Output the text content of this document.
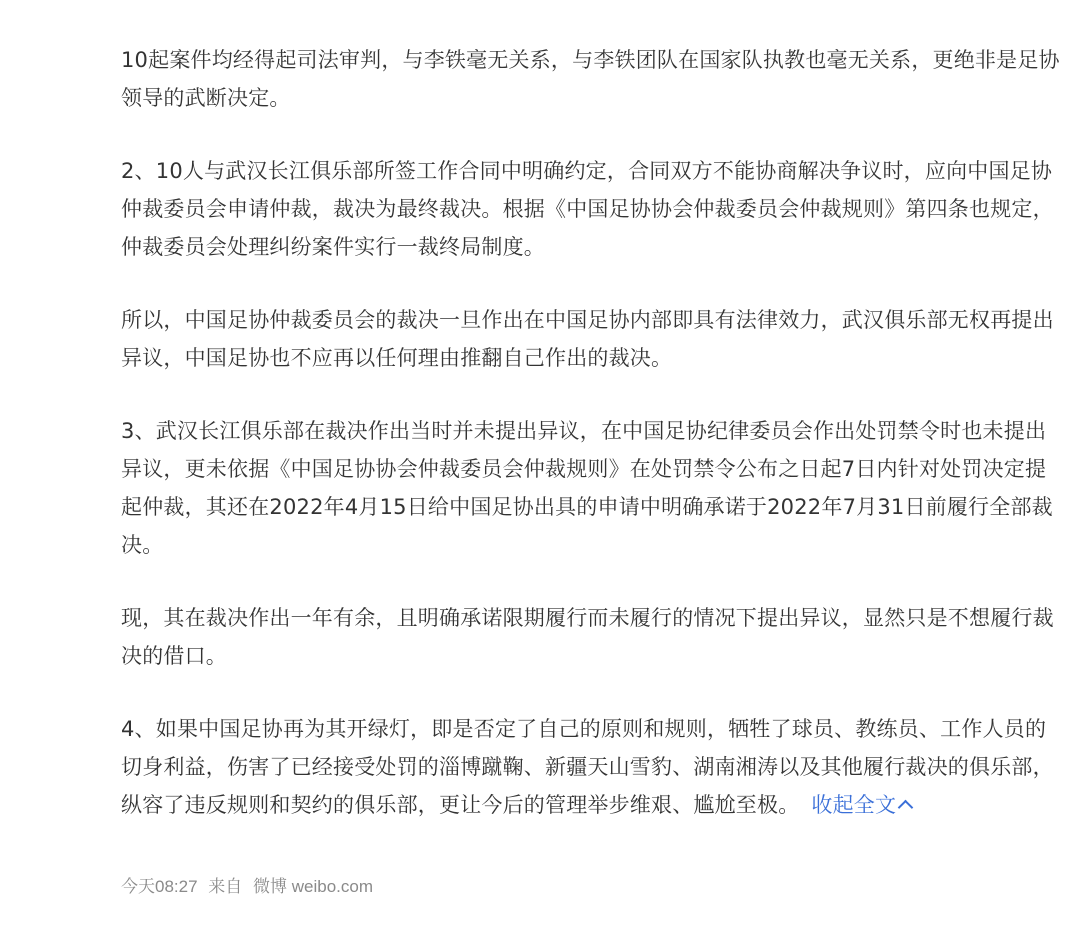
10起案件均经得起司法审判，与李铁毫无关系，与李铁团队在国家队执教也毫无关系，更绝非是足协领导的武断决定。

2、10人与武汉长江俱乐部所签工作合同中明确约定，合同双方不能协商解决争议时，应向中国足协仲裁委员会申请仲裁，裁决为最终裁决。根据《中国足协协会仲裁委员会仲裁规则》第四条也规定，仲裁委员会处理纠纷案件实行一裁终局制度。

所以，中国足协仲裁委员会的裁决一旦作出在中国足协内部即具有法律效力，武汉俱乐部无权再提出异议，中国足协也不应再以任何理由推翻自己作出的裁决。

3、武汉长江俱乐部在裁决作出当时并未提出异议，在中国足协纪律委员会作出处罚禁令时也未提出异议，更未依据《中国足协协会仲裁委员会仲裁规则》在处罚禁令公布之日起7日内针对处罚决定提起仲裁，其还在2022年4月15日给中国足协出具的申请中明确承诺于2022年7月31日前履行全部裁决。

现，其在裁决作出一年有余，且明确承诺限期履行而未履行的情况下提出异议，显然只是不想履行裁决的借口。

4、如果中国足协再为其开绿灯，即是否定了自己的原则和规则，牺牲了球员、教练员、工作人员的切身利益，伤害了已经接受处罚的淄博蹴鞠、新疆天山雪豹、湖南湘涛以及其他履行裁决的俱乐部，纵容了违反规则和契约的俱乐部，更让今后的管理举步维艰、尴尬至极。 收起全文

今天08:27 来自 微博 weibo.com
